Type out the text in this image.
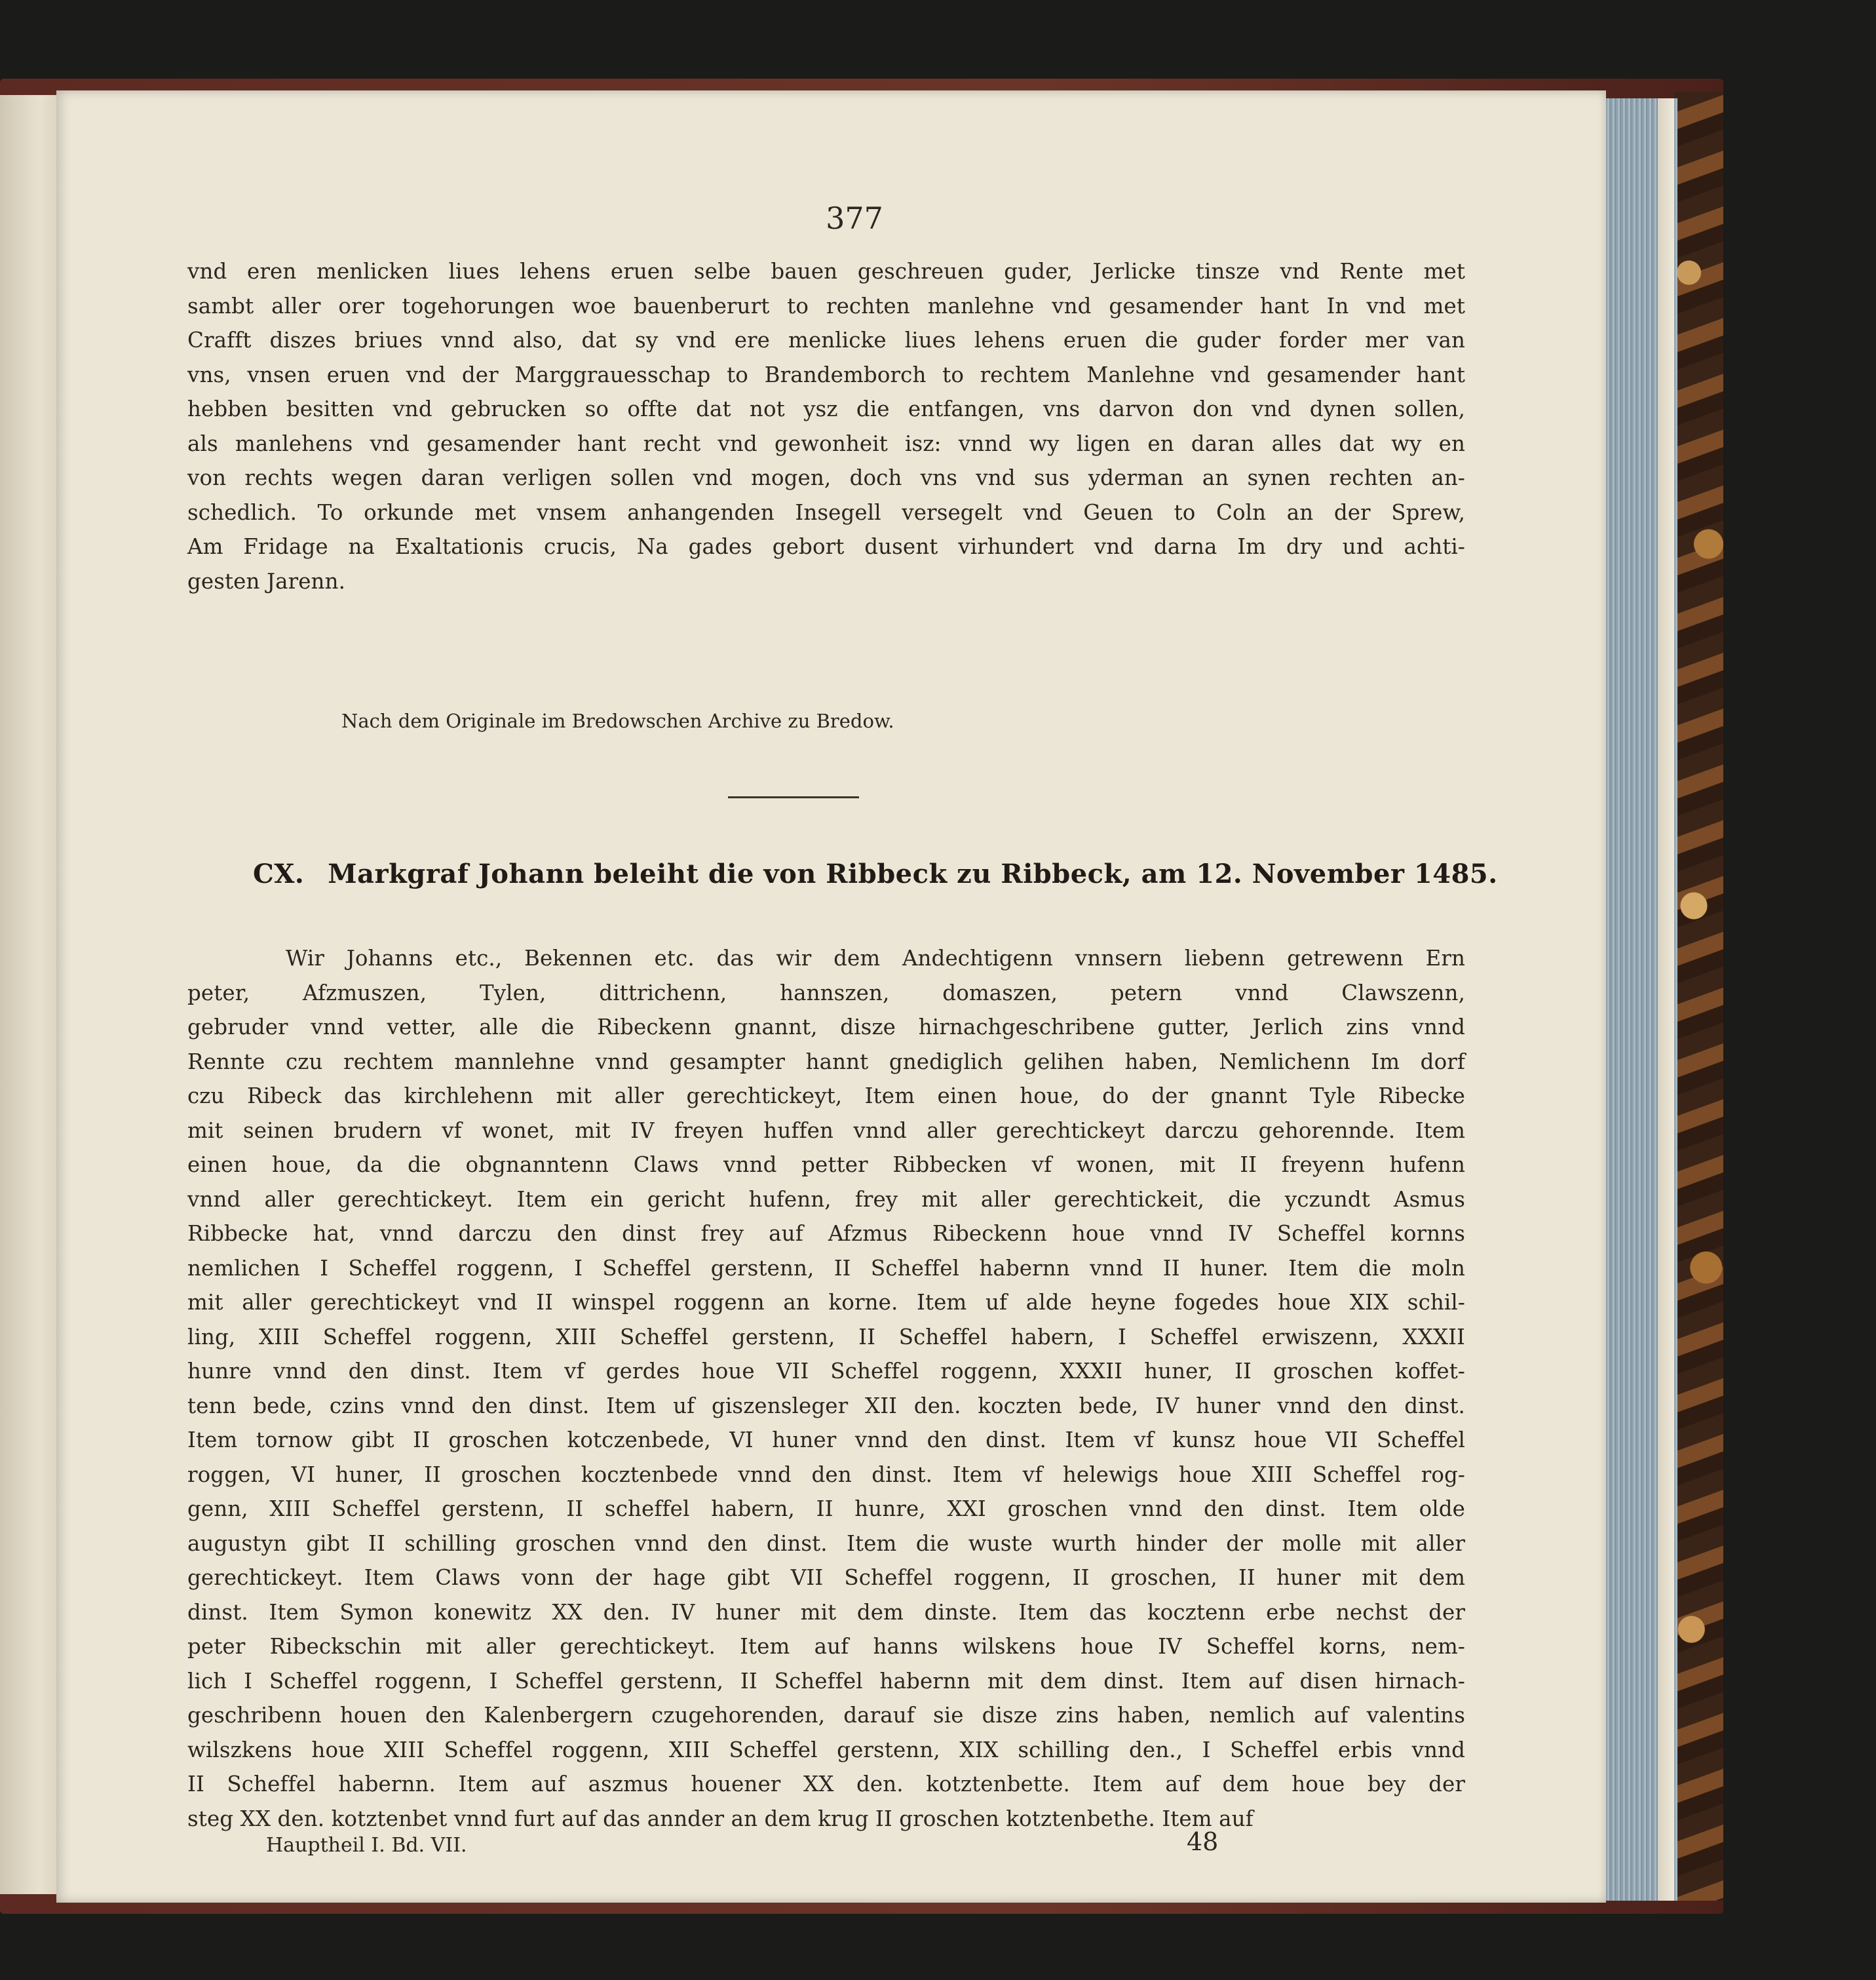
377
vnd eren menlicken liues lehens eruen selbe bauen geschreuen guder, Jerlicke tinsze vnd Rente met
sambt aller orer togehorungen woe bauenberurt to rechten manlehne vnd gesamender hant In vnd met
Crafft diszes briues vnnd also, dat sy vnd ere menlicke liues lehens eruen die guder forder mer van
vns, vnsen eruen vnd der Marggrauesschap to Brandemborch to rechtem Manlehne vnd gesamender hant
hebben besitten vnd gebrucken so offte dat not ysz die entfangen, vns darvon don vnd dynen sollen,
als manlehens vnd gesamender hant recht vnd gewonheit isz: vnnd wy ligen en daran alles dat wy en
von rechts wegen daran verligen sollen vnd mogen, doch vns vnd sus yderman an synen rechten an-
schedlich. To orkunde met vnsem anhangenden Insegell versegelt vnd Geuen to Coln an der Sprew,
Am Fridage na Exaltationis crucis, Na gades gebort dusent virhundert vnd darna Im dry und achti-
gesten Jarenn.
Nach dem Originale im Bredowschen Archive zu Bredow.
CX. Markgraf Johann beleiht die von Ribbeck zu Ribbeck, am 12. November 1485.
Wir Johanns etc., Bekennen etc. das wir dem Andechtigenn vnnsern liebenn getrewenn Ern
peter, Afzmuszen, Tylen, dittrichenn, hannszen, domaszen, petern vnnd Clawszenn,
gebruder vnnd vetter, alle die Ribeckenn gnannt, disze hirnachgeschribene gutter, Jerlich zins vnnd
Rennte czu rechtem mannlehne vnnd gesampter hannt gnediglich gelihen haben, Nemlichenn Im dorf
czu Ribeck das kirchlehenn mit aller gerechtickeyt, Item einen houe, do der gnannt Tyle Ribecke
mit seinen brudern vf wonet, mit IV freyen huffen vnnd aller gerechtickeyt darczu gehorennde. Item
einen houe, da die obgnanntenn Claws vnnd petter Ribbecken vf wonen, mit II freyenn hufenn
vnnd aller gerechtickeyt. Item ein gericht hufenn, frey mit aller gerechtickeit, die yczundt Asmus
Ribbecke hat, vnnd darczu den dinst frey auf Afzmus Ribeckenn houe vnnd IV Scheffel kornns
nemlichen I Scheffel roggenn, I Scheffel gerstenn, II Scheffel habernn vnnd II huner. Item die moln
mit aller gerechtickeyt vnd II winspel roggenn an korne. Item uf alde heyne fogedes houe XIX schil-
ling, XIII Scheffel roggenn, XIII Scheffel gerstenn, II Scheffel habern, I Scheffel erwiszenn, XXXII
hunre vnnd den dinst. Item vf gerdes houe VII Scheffel roggenn, XXXII huner, II groschen koffet-
tenn bede, czins vnnd den dinst. Item uf giszensleger XII den. koczten bede, IV huner vnnd den dinst.
Item tornow gibt II groschen kotczenbede, VI huner vnnd den dinst. Item vf kunsz houe VII Scheffel
roggen, VI huner, II groschen kocztenbede vnnd den dinst. Item vf helewigs houe XIII Scheffel rog-
genn, XIII Scheffel gerstenn, II scheffel habern, II hunre, XXI groschen vnnd den dinst. Item olde
augustyn gibt II schilling groschen vnnd den dinst. Item die wuste wurth hinder der molle mit aller
gerechtickeyt. Item Claws vonn der hage gibt VII Scheffel roggenn, II groschen, II huner mit dem
dinst. Item Symon konewitz XX den. IV huner mit dem dinste. Item das kocztenn erbe nechst der
peter Ribeckschin mit aller gerechtickeyt. Item auf hanns wilskens houe IV Scheffel korns, nem-
lich I Scheffel roggenn, I Scheffel gerstenn, II Scheffel habernn mit dem dinst. Item auf disen hirnach-
geschribenn houen den Kalenbergern czugehorenden, darauf sie disze zins haben, nemlich auf valentins
wilszkens houe XIII Scheffel roggenn, XIII Scheffel gerstenn, XIX schilling den., I Scheffel erbis vnnd
II Scheffel habernn. Item auf aszmus houener XX den. kotztenbette. Item auf dem houe bey der
steg XX den. kotztenbet vnnd furt auf das annder an dem krug II groschen kotztenbethe. Item auf
Hauptheil I. Bd. VII.	48
